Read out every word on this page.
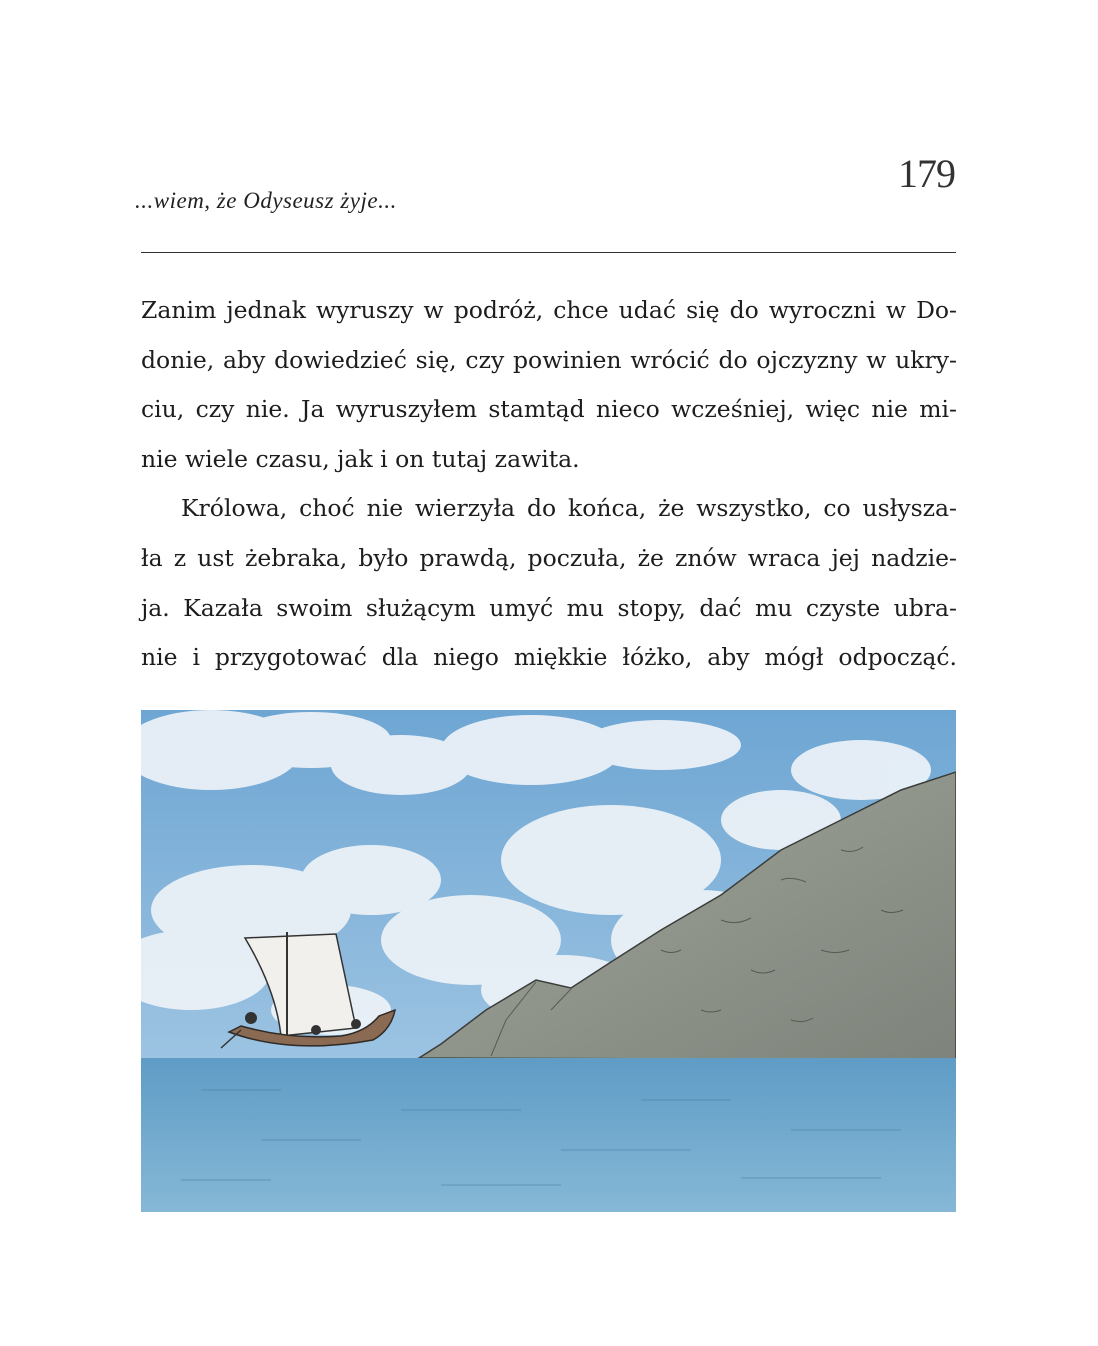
...wiem, że Odyseusz żyje...
179
Zanim jednak wyruszy w podróż, chce udać się do wyroczni w Do-
donie, aby dowiedzieć się, czy powinien wrócić do ojczyzny w ukry-
ciu, czy nie. Ja wyruszyłem stamtąd nieco wcześniej, więc nie mi-
nie wiele czasu, jak i on tutaj zawita.
Królowa, choć nie wierzyła do końca, że wszystko, co usłysza-
ła z ust żebraka, było prawdą, poczuła, że znów wraca jej nadzie-
ja. Kazała swoim służącym umyć mu stopy, dać mu czyste ubra-
nie i przygotować dla niego miękkie łóżko, aby mógł odpocząć.
